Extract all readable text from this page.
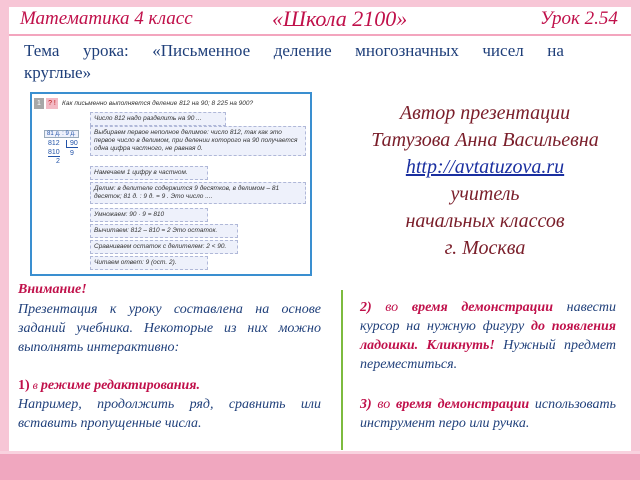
Математика 4 класс	«Школа 2100»	Урок 2.54
Тема урока: «Письменное деление многозначных чисел на
круглые»
1	? ! Как письменно выполняется деление 812 на 90; 8 225 на 900?
Число 812 надо разделить на 90 ...
81 д. : 9 д.
812	90
810 9
2
Выбираем первое неполное делимое: число 812, так как это первое число в делимом, при делении которого на 90 получается одна цифра частного, не равная 0.
Намечаем 1 цифру в частном.
Делим: в делителе содержится 9 десятков, в делимом – 81 десяток; 81 д. : 9 д. = 9 . Это число ....
Умножаем: 90 · 9 = 810
Вычитаем: 812 – 810 = 2 Это остаток.
Сравниваем остаток с делителем: 2 < 90.
Читаем ответ: 9 (ост. 2).
Автор презентации
Татузова Анна Васильевна
http://avtatuzova.ru
учитель
начальных классов
г. Москва
Внимание!
Презентация к уроку составлена на основе заданий учебника. Некоторые из них можно выполнять интерактивно:
1) в режиме редактирования.
Например, продолжить ряд, сравнить или вставить пропущенные числа.
2) во время демонстрации навести курсор на нужную фигуру до появления ладошки. Кликнуть! Нужный предмет переместиться.
3) во время демонстрации использовать инструмент перо или ручка.
